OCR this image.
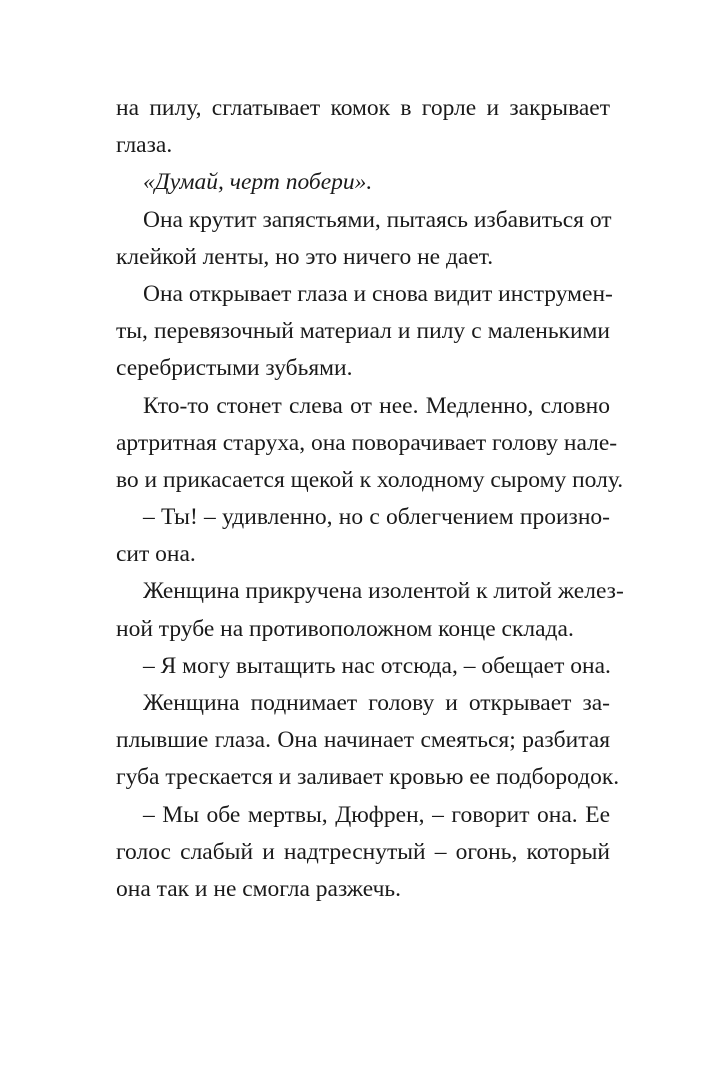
на пилу, сглатывает комок в горле и закрывает
глаза.
«Думай, черт побери».
Она крутит запястьями, пытаясь избавиться от
клейкой ленты, но это ничего не дает.
Она открывает глаза и снова видит инструмен-
ты, перевязочный материал и пилу с маленькими
серебристыми зубьями.
Кто-то стонет слева от нее. Медленно, словно
артритная старуха, она поворачивает голову нале-
во и прикасается щекой к холодному сырому полу.
– Ты! – удивленно, но с облегчением произно-
сит она.
Женщина прикручена изолентой к литой желез-
ной трубе на противоположном конце склада.
– Я могу вытащить нас отсюда, – обещает она.
Женщина поднимает голову и открывает за-
плывшие глаза. Она начинает смеяться; разбитая
губа трескается и заливает кровью ее подбородок.
– Мы обе мертвы, Дюфрен, – говорит она. Ее
голос слабый и надтреснутый – огонь, который
она так и не смогла разжечь.
